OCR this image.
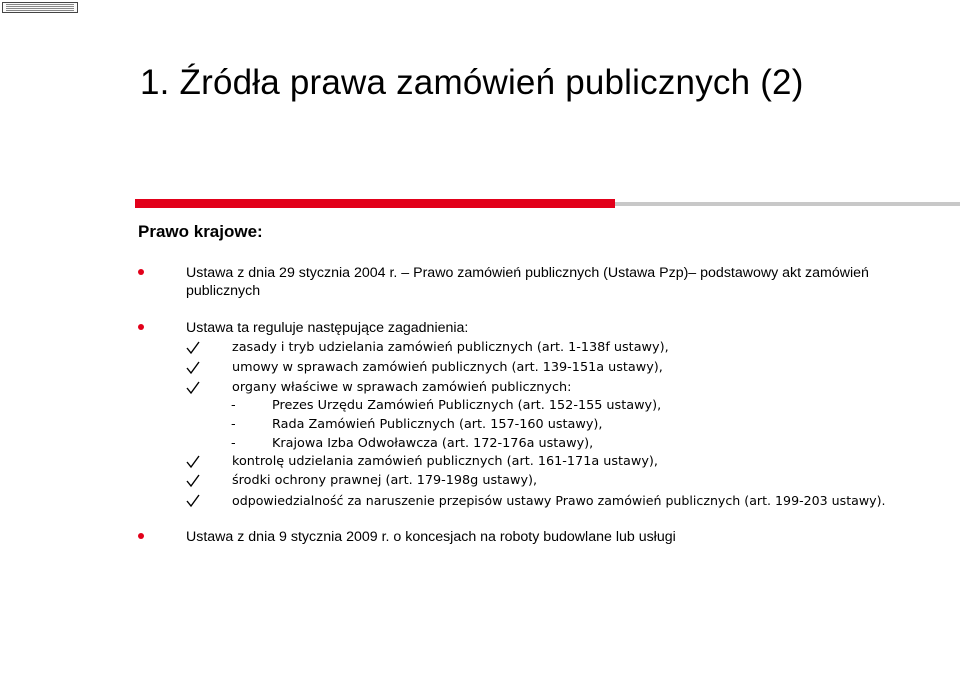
1. Źródła prawa zamówień publicznych (2)
Prawo krajowe:
Ustawa z dnia 29 stycznia 2004 r. – Prawo zamówień publicznych (Ustawa Pzp)– podstawowy akt zamówień
publicznych
Ustawa ta reguluje następujące zagadnienia:
zasady i tryb udzielania zamówień publicznych (art. 1-138f ustawy),
umowy w sprawach zamówień publicznych (art. 139-151a ustawy),
organy właściwe w sprawach zamówień publicznych:
-	Prezes Urzędu Zamówień Publicznych (art. 152-155 ustawy),
-	Rada Zamówień Publicznych (art. 157-160 ustawy),
-	Krajowa Izba Odwoławcza (art. 172-176a ustawy),
kontrolę udzielania zamówień publicznych (art. 161-171a ustawy),
środki ochrony prawnej (art. 179-198g ustawy),
odpowiedzialność za naruszenie przepisów ustawy Prawo zamówień publicznych (art. 199-203 ustawy).
Ustawa z dnia 9 stycznia 2009 r. o koncesjach na roboty budowlane lub usługi
